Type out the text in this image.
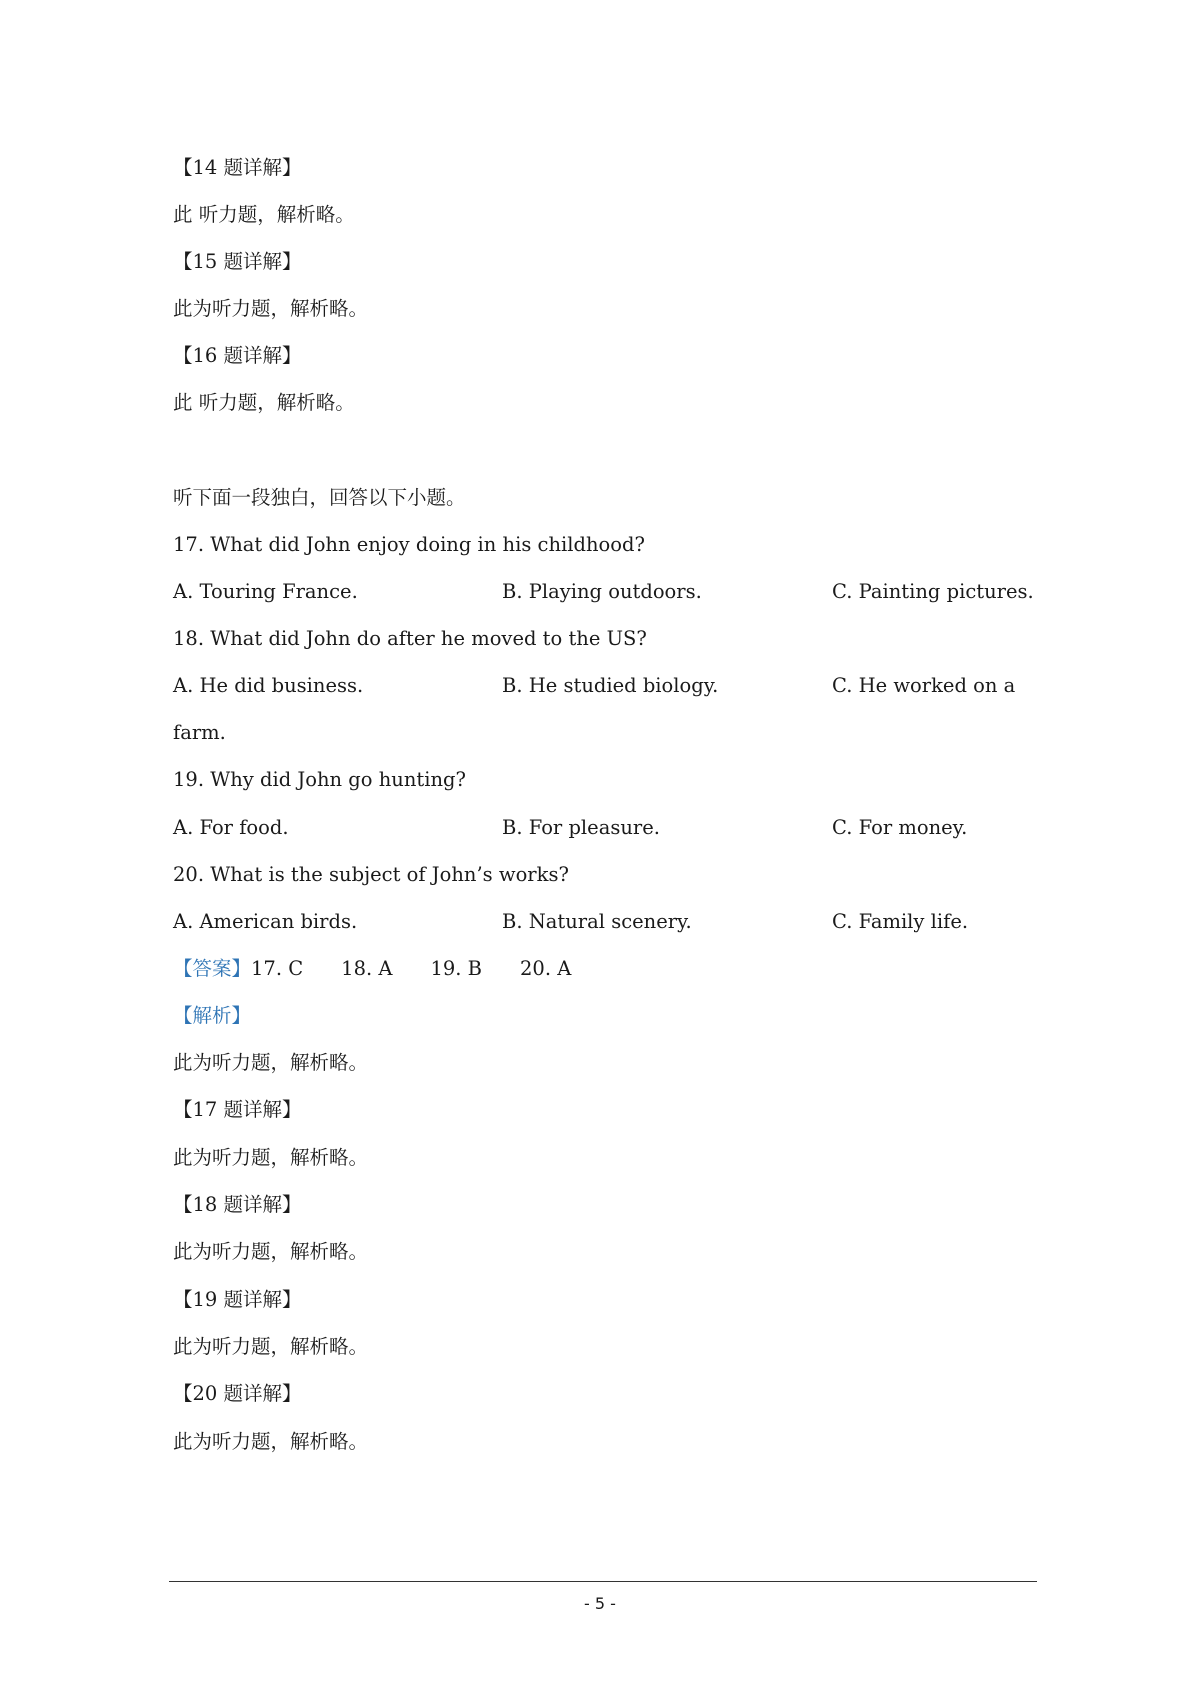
【14 题详解】
此 听力题，解析略。
【15 题详解】
此为听力题，解析略。
【16 题详解】
此 听力题，解析略。
听下面一段独白，回答以下小题。
17. What did John enjoy doing in his childhood?
A. Touring France.	B. Playing outdoors.	C. Painting pictures.
18. What did John do after he moved to the US?
A. He did business.	B. He studied biology.	C. He worked on a
farm.
19. Why did John go hunting?
A. For food.	B. For pleasure.	C. For money.
20. What is the subject of John’s works?
A. American birds.	B. Natural scenery.	C. Family life.
【答案】17. C 18. A 19. B 20. A
【解析】
此为听力题，解析略。
【17 题详解】
此为听力题，解析略。
【18 题详解】
此为听力题，解析略。
【19 题详解】
此为听力题，解析略。
【20 题详解】
此为听力题，解析略。
- 5 -
